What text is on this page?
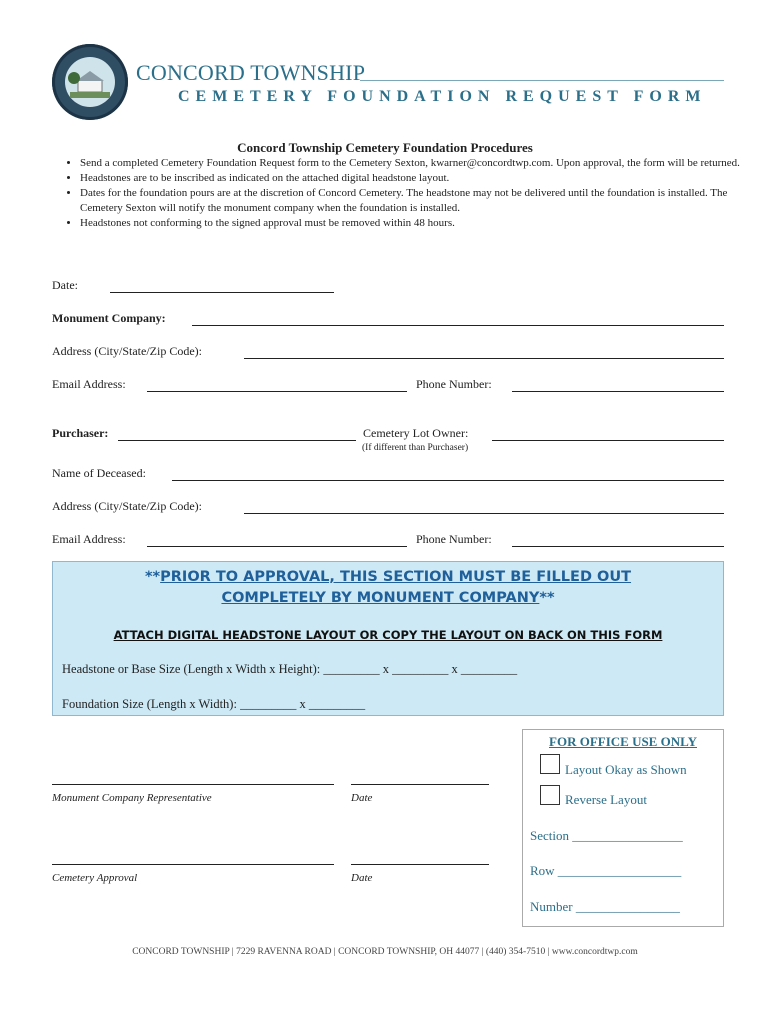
CONCORD TOWNSHIP
CEMETERY FOUNDATION REQUEST FORM
Concord Township Cemetery Foundation Procedures
• Send a completed Cemetery Foundation Request form to the Cemetery Sexton, kwarner@concordtwp.com. Upon approval, the form will be returned.
• Headstones are to be inscribed as indicated on the attached digital headstone layout.
• Dates for the foundation pours are at the discretion of Concord Cemetery. The headstone may not be delivered until the foundation is installed. The Cemetery Sexton will notify the monument company when the foundation is installed.
• Headstones not conforming to the signed approval must be removed within 48 hours.
Date:
Monument Company:
Address (City/State/Zip Code):
Email Address:	Phone Number:
Purchaser:	Cemetery Lot Owner:
(If different than Purchaser)
Name of Deceased:
Address (City/State/Zip Code):
Email Address:	Phone Number:
**PRIOR TO APPROVAL, THIS SECTION MUST BE FILLED OUT
COMPLETELY BY MONUMENT COMPANY**
ATTACH DIGITAL HEADSTONE LAYOUT OR COPY THE LAYOUT ON BACK ON THIS FORM
Headstone or Base Size (Length x Width x Height): _________ x _________ x _________
Foundation Size (Length x Width): _________ x _________
Monument Company Representative	Date
Cemetery Approval	Date
FOR OFFICE USE ONLY
Layout Okay as Shown
Reverse Layout
Section _________________
Row ___________________
Number ________________
CONCORD TOWNSHIP | 7229 RAVENNA ROAD | CONCORD TOWNSHIP, OH 44077 | (440) 354-7510 | www.concordtwp.com
